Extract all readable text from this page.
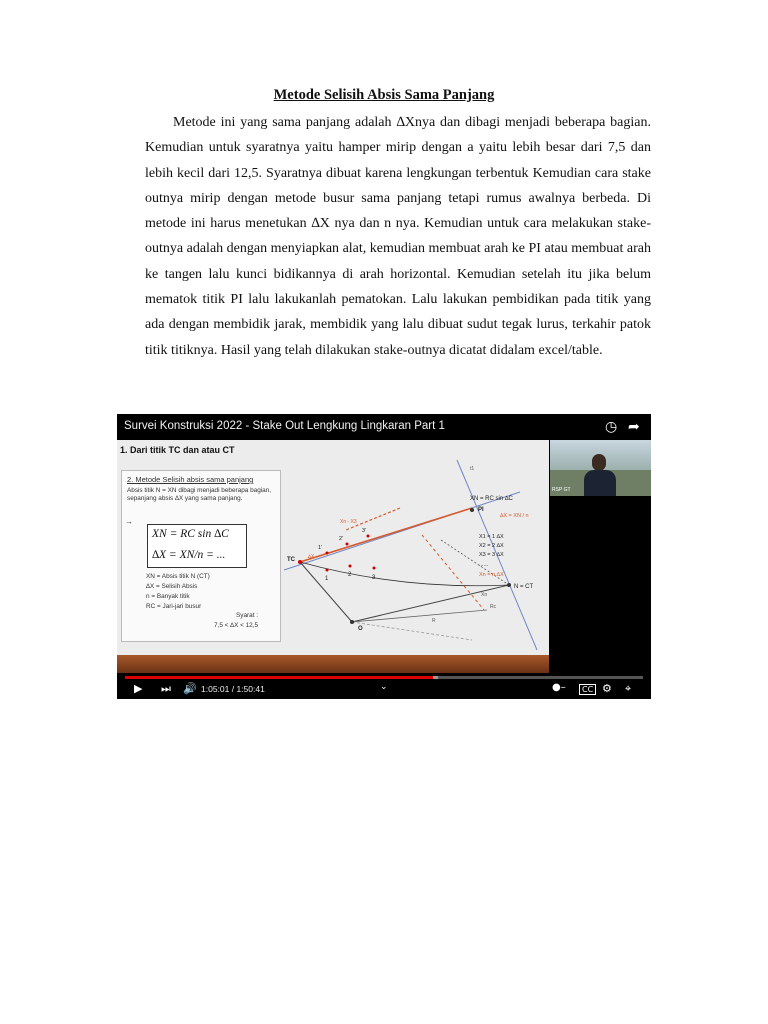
Metode Selisih Absis Sama Panjang

Metode ini yang sama panjang adalah ∆Xnya dan dibagi menjadi beberapa bagian. Kemudian untuk syaratnya yaitu hamper mirip dengan a yaitu lebih besar dari 7,5 dan lebih kecil dari 12,5. Syaratnya dibuat karena lengkungan terbentuk Kemudian cara stake outnya mirip dengan metode busur sama panjang tetapi rumus awalnya berbeda. Di metode ini harus menetukan ∆X nya dan n nya. Kemudian untuk cara melakukan stake-outnya adalah dengan menyiapkan alat, kemudian membuat arah ke PI atau membuat arah ke tangen lalu kunci bidikannya di arah horizontal. Kemudian setelah itu jika belum mematok titik PI lalu lakukanlah pematokan. Lalu lakukan pembidikan pada titik yang ada dengan membidik jarak, membidik yang lalu dibuat sudut tegak lurus, terkahir patok titik titiknya. Hasil yang telah dilakukan stake-outnya dicatat didalam excel/table.

Survei Konstruksi 2022 - Stake Out Lengkung Lingkaran Part 1	◷ ➦
1. Dari titik TC dan atau CT
2. Metode Selisih absis sama panjang
Absis titik N = XN dibagi menjadi beberapa bagian, sepanjang absis ∆X yang sama panjang.
→
XN = RC sin ∆C
∆X = XN/n = ...
XN = Absis titik N (CT)
∆X = Selisih Absis
n = Banyak titik
RC = Jari-jari busur
Syarat :
7,5 < ∆X < 12,5
TC
PI
N = CT
O
1
2	3
1'
2'
3'
∆X
Xn - X3
t1
Rc
Xn
R
XN = RC sin ∆C
∆X = XN / n
X1 = 1 ∆X
X2 = 2 ∆X
X3 = 3 ∆X
......
Xn = n ∆X
RSP GT
▶ ⏭ 🔊 1:05:01 / 1:50:41	⌄	●–	CC ⚙ ⌖
